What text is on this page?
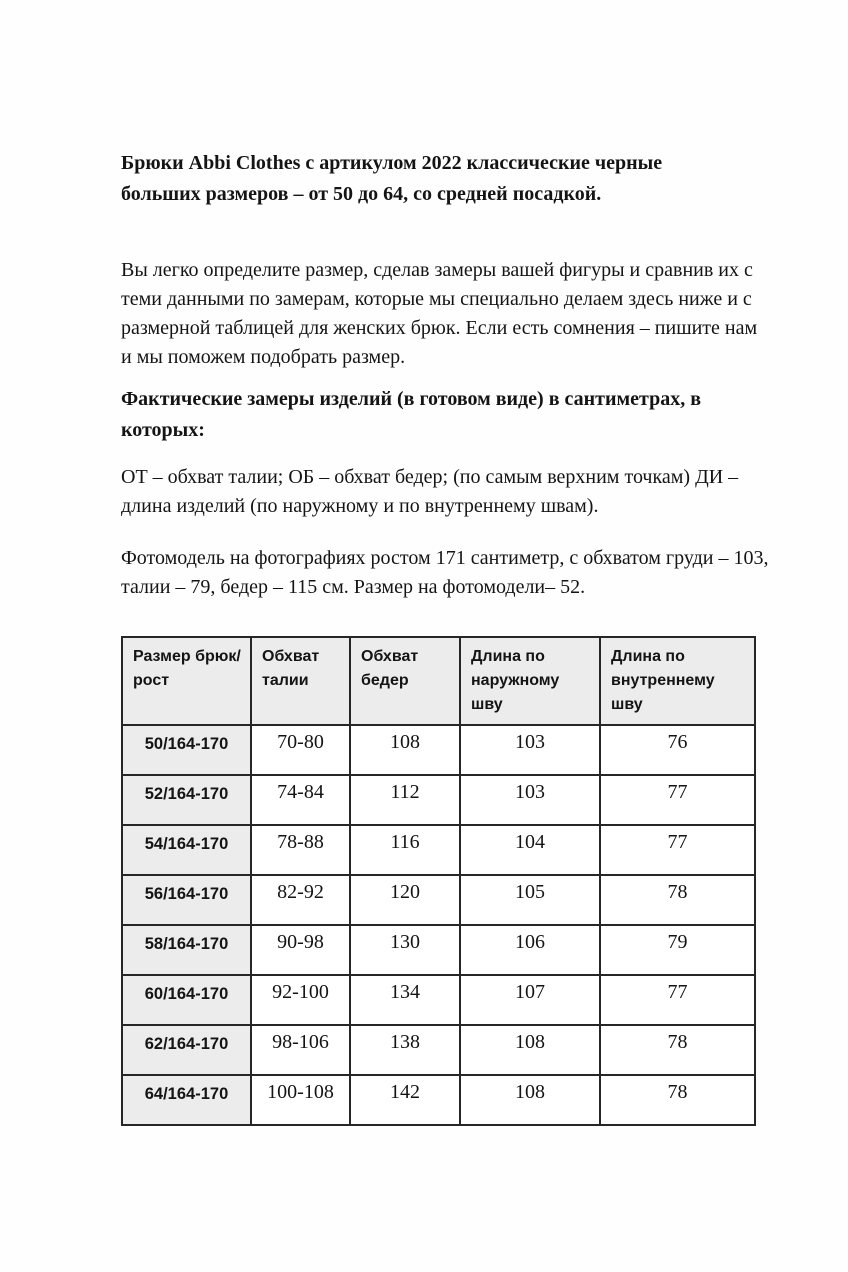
Брюки Abbi Clothes с артикулом 2022 классические черные больших размеров – от 50 до 64, со средней посадкой.

Вы легко определите размер, сделав замеры вашей фигуры и сравнив их с теми данными по замерам, которые мы специально делаем здесь ниже и с размерной таблицей для женских брюк. Если есть сомнения – пишите нам и мы поможем подобрать размер.

Фактические замеры изделий (в готовом виде) в сантиметрах, в которых:

ОТ – обхват талии; ОБ – обхват бедер; (по самым верхним точкам) ДИ – длина изделий (по наружному и по внутреннему швам).

Фотомодель на фотографиях ростом 171 сантиметр, с обхватом груди – 103, талии – 79, бедер – 115 см. Размер на фотомодели– 52.

Размер брюк/рост	Обхват талии	Обхват бедер	Длина по наружному шву	Длина по внутреннему шву
50/164-170	70-80	108	103	76
52/164-170	74-84	112	103	77
54/164-170	78-88	116	104	77
56/164-170	82-92	120	105	78
58/164-170	90-98	130	106	79
60/164-170	92-100	134	107	77
62/164-170	98-106	138	108	78
64/164-170	100-108	142	108	78
